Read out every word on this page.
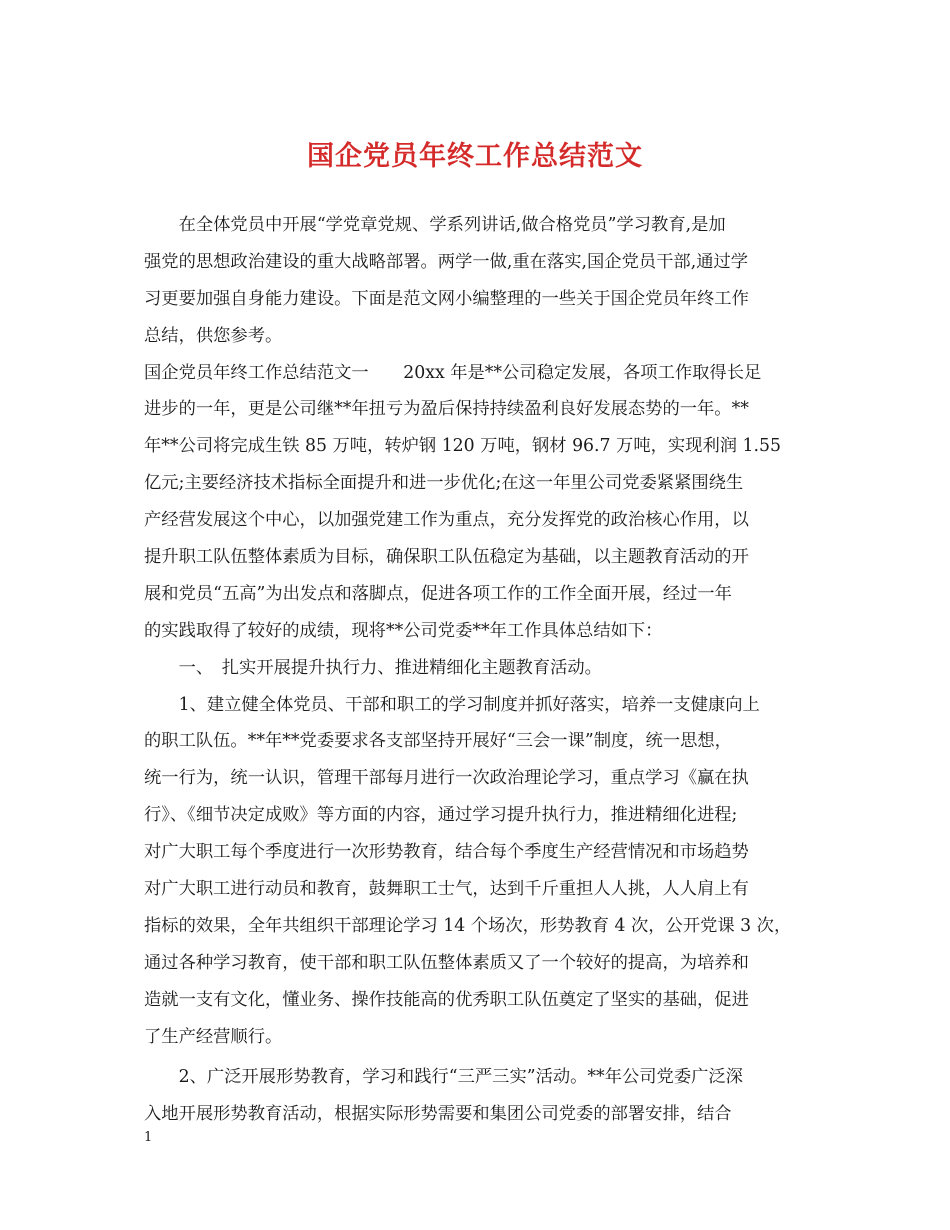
国企党员年终工作总结范文
　　在全体党员中开展“学党章党规、学系列讲话,做合格党员”学习教育,是加
强党的思想政治建设的重大战略部署。两学一做,重在落实,国企党员干部,通过学
习更要加强自身能力建设。下面是范文网小编整理的一些关于国企党员年终工作
总结，供您参考。
国企党员年终工作总结范文一　　20xx 年是**公司稳定发展，各项工作取得长足
进步的一年，更是公司继**年扭亏为盈后保持持续盈利良好发展态势的一年。**
年**公司将完成生铁 85 万吨，转炉钢 120 万吨，钢材 96.7 万吨，实现利润 1.55
亿元;主要经济技术指标全面提升和进一步优化;在这一年里公司党委紧紧围绕生
产经营发展这个中心，以加强党建工作为重点，充分发挥党的政治核心作用，以
提升职工队伍整体素质为目标，确保职工队伍稳定为基础，以主题教育活动的开
展和党员“五高”为出发点和落脚点，促进各项工作的工作全面开展，经过一年
的实践取得了较好的成绩，现将**公司党委**年工作具体总结如下：
　　一、　扎实开展提升执行力、推进精细化主题教育活动。
　　1、建立健全体党员、干部和职工的学习制度并抓好落实，培养一支健康向上
的职工队伍。**年**党委要求各支部坚持开展好“三会一课”制度，统一思想，
统一行为，统一认识，管理干部每月进行一次政治理论学习，重点学习《赢在执
行》、《细节决定成败》等方面的内容，通过学习提升执行力，推进精细化进程;
对广大职工每个季度进行一次形势教育，结合每个季度生产经营情况和市场趋势
对广大职工进行动员和教育，鼓舞职工士气，达到千斤重担人人挑，人人肩上有
指标的效果，全年共组织干部理论学习 14 个场次，形势教育 4 次，公开党课 3 次，
通过各种学习教育，使干部和职工队伍整体素质又了一个较好的提高，为培养和
造就一支有文化，懂业务、操作技能高的优秀职工队伍奠定了坚实的基础，促进
了生产经营顺行。
　　2、广泛开展形势教育，学习和践行“三严三实”活动。**年公司党委广泛深
入地开展形势教育活动，根据实际形势需要和集团公司党委的部署安排，结合
1
